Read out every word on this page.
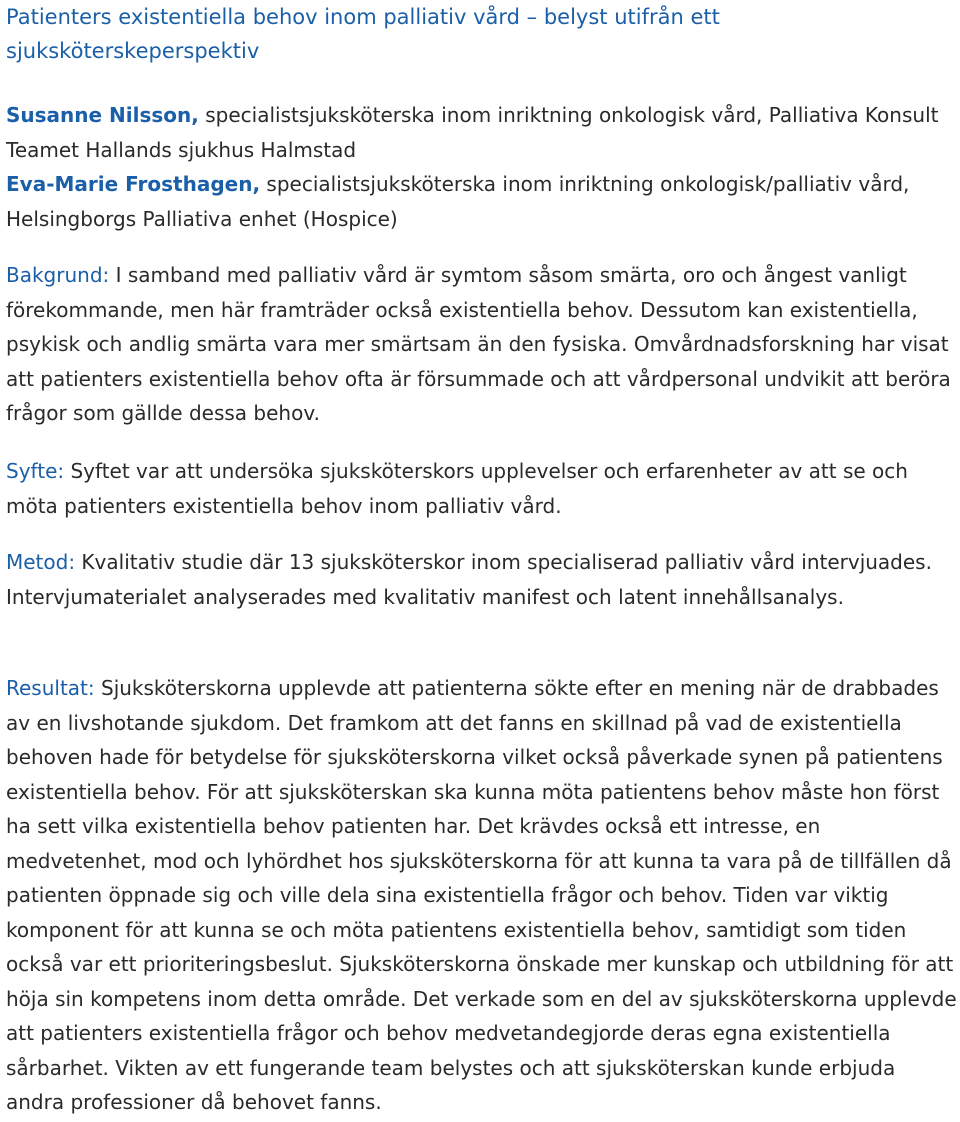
Patienters existentiella behov inom palliativ vård – belyst utifrån ett sjuksköterskeperspektiv

Susanne Nilsson, specialistsjuksköterska inom inriktning onkologisk vård, Palliativa Konsult Teamet Hallands sjukhus Halmstad

Eva-Marie Frosthagen, specialistsjuksköterska inom inriktning onkologisk/palliativ vård, Helsingborgs Palliativa enhet (Hospice)

Bakgrund: I samband med palliativ vård är symtom såsom smärta, oro och ångest vanligt förekommande, men här framträder också existentiella behov. Dessutom kan existentiella, psykisk och andlig smärta vara mer smärtsam än den fysiska. Omvårdnadsforskning har visat att patienters existentiella behov ofta är försummade och att vårdpersonal undvikit att beröra frågor som gällde dessa behov.

Syfte: Syftet var att undersöka sjuksköterskors upplevelser och erfarenheter av att se och möta patienters existentiella behov inom palliativ vård.

Metod: Kvalitativ studie där 13 sjuksköterskor inom specialiserad palliativ vård intervjuades. Intervjumaterialet analyserades med kvalitativ manifest och latent innehållsanalys.

Resultat: Sjuksköterskorna upplevde att patienterna sökte efter en mening när de drabbades av en livshotande sjukdom. Det framkom att det fanns en skillnad på vad de existentiella behoven hade för betydelse för sjuksköterskorna vilket också påverkade synen på patientens existentiella behov. För att sjuksköterskan ska kunna möta patientens behov måste hon först ha sett vilka existentiella behov patienten har. Det krävdes också ett intresse, en medvetenhet, mod och lyhördhet hos sjuksköterskorna för att kunna ta vara på de tillfällen då patienten öppnade sig och ville dela sina existentiella frågor och behov. Tiden var viktig komponent för att kunna se och möta patientens existentiella behov, samtidigt som tiden också var ett prioriteringsbeslut. Sjuksköterskorna önskade mer kunskap och utbildning för att höja sin kompetens inom detta område. Det verkade som en del av sjuksköterskorna upplevde att patienters existentiella frågor och behov medvetandegjorde deras egna existentiella sårbarhet. Vikten av ett fungerande team belystes och att sjuksköterskan kunde erbjuda andra professioner då behovet fanns.
